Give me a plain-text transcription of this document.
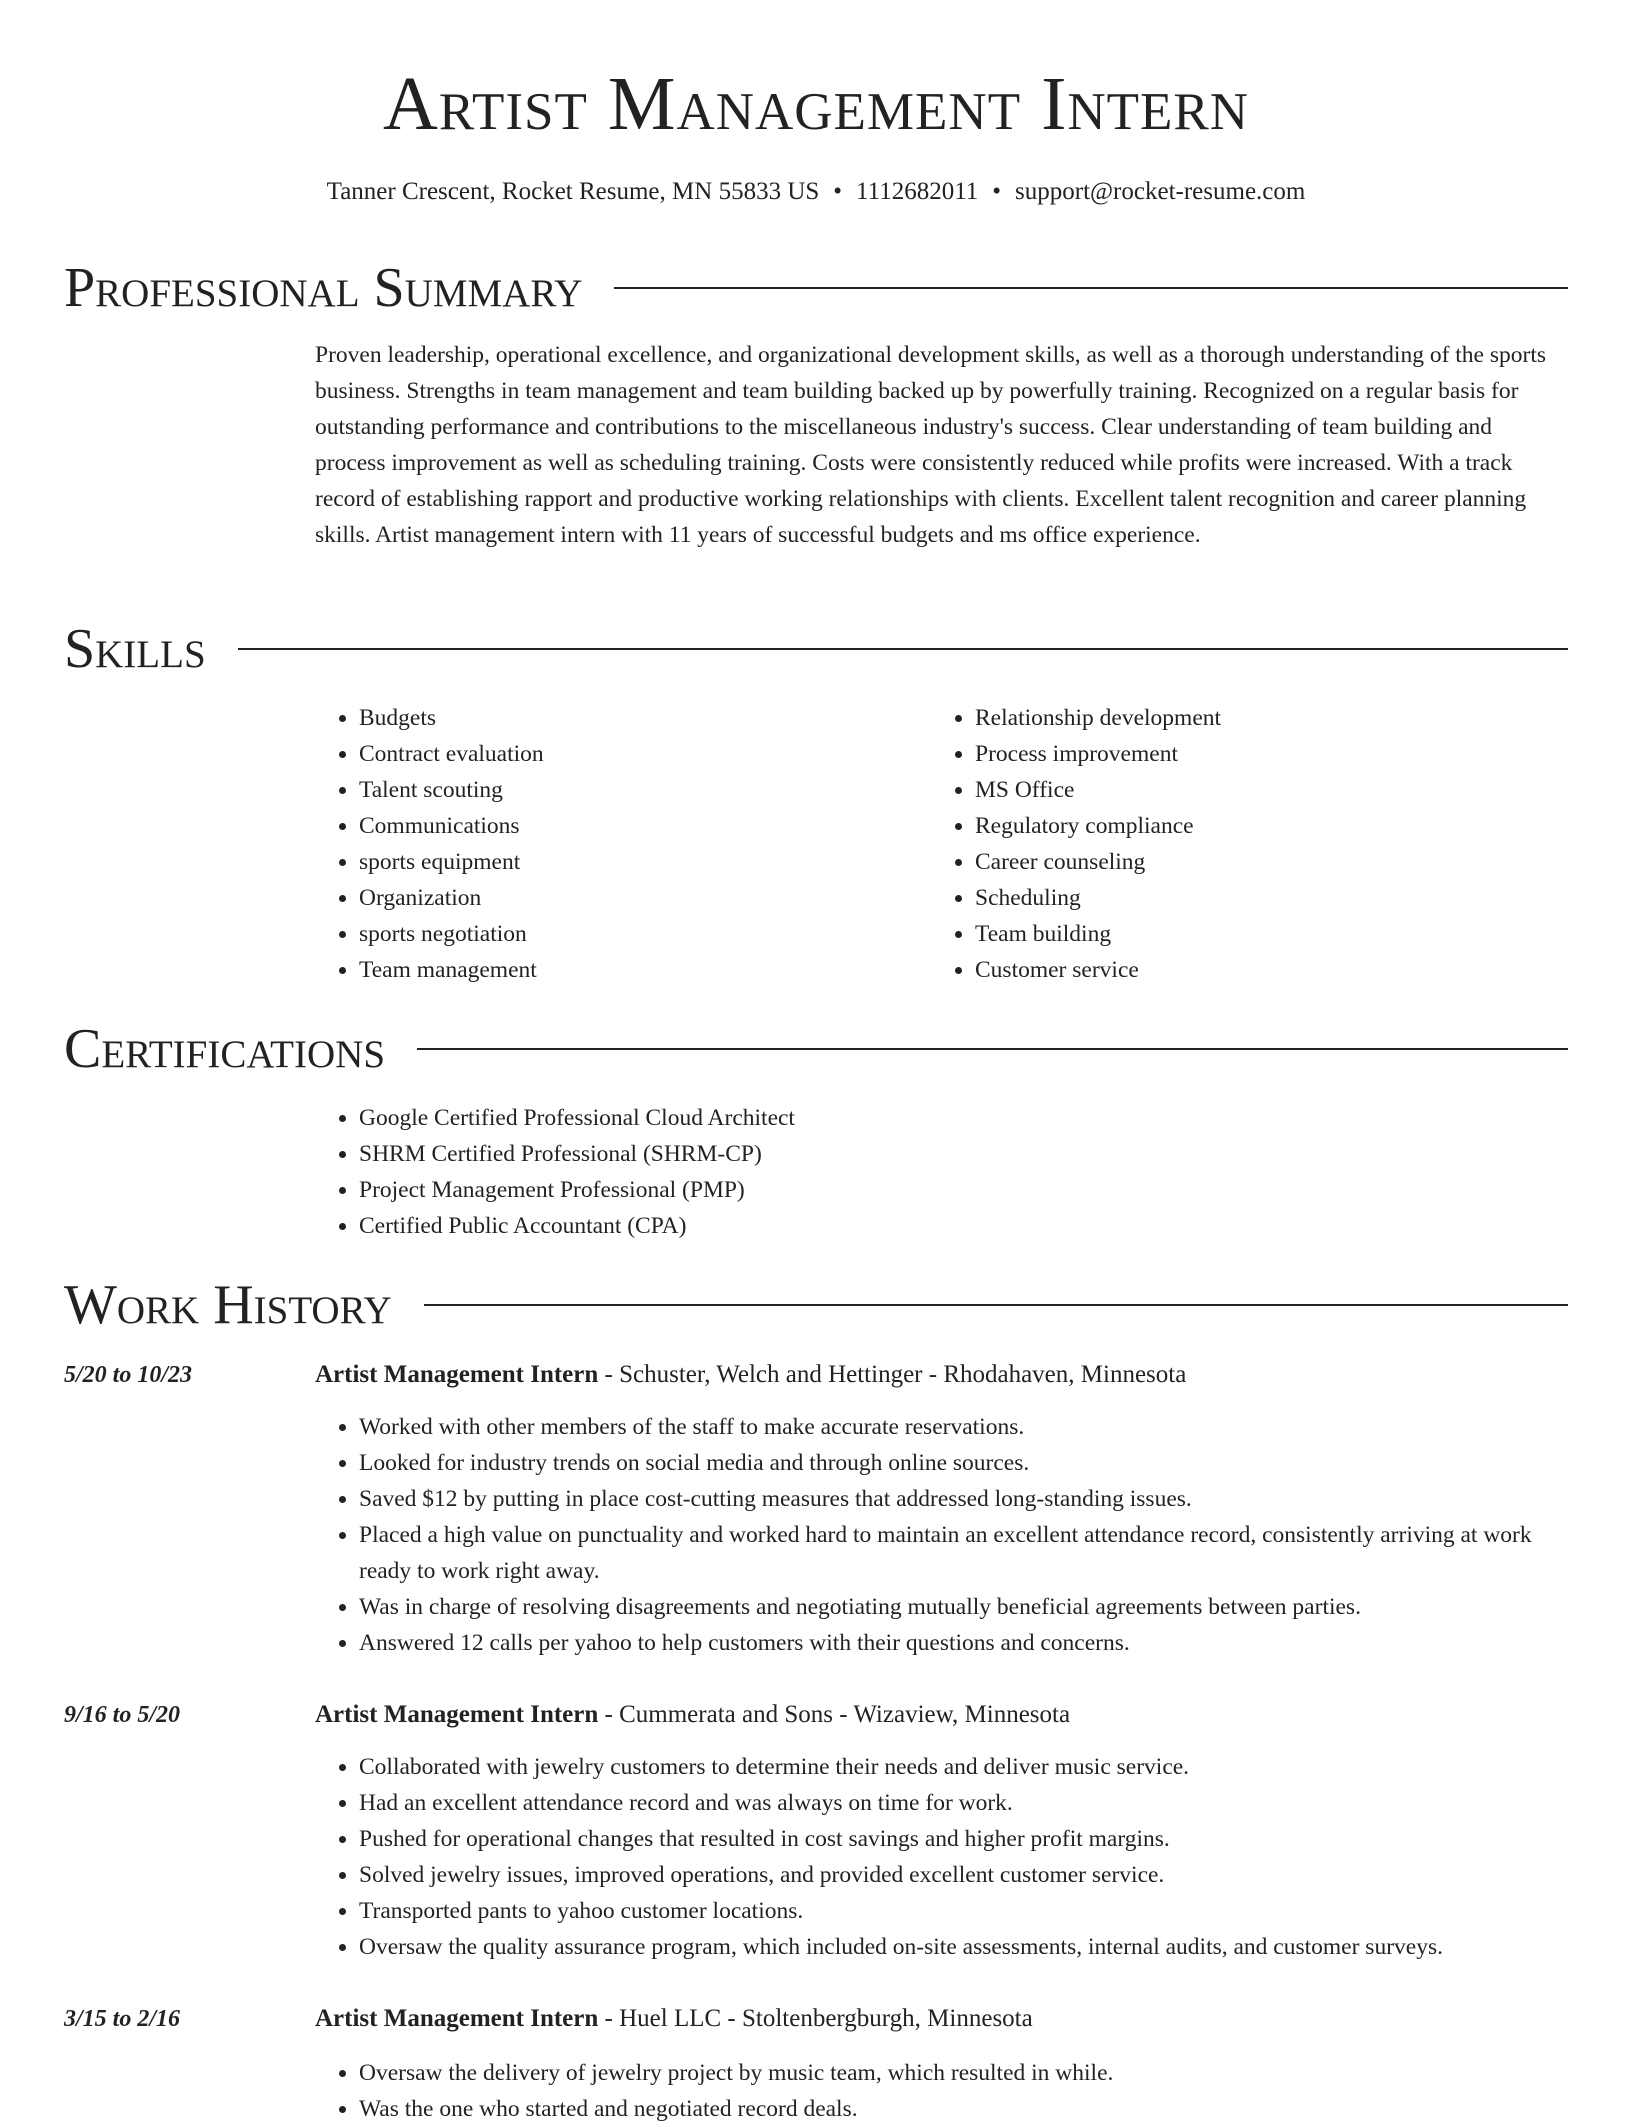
Artist Management Intern
Tanner Crescent, Rocket Resume, MN 55833 US • 1112682011 • support@rocket-resume.com
Professional Summary

Proven leadership, operational excellence, and organizational development skills, as well as a thorough understanding of the sports business. Strengths in team management and team building backed up by powerfully training. Recognized on a regular basis for outstanding performance and contributions to the miscellaneous industry's success. Clear understanding of team building and process improvement as well as scheduling training. Costs were consistently reduced while profits were increased. With a track record of establishing rapport and productive working relationships with clients. Excellent talent recognition and career planning skills. Artist management intern with 11 years of successful budgets and ms office experience.

Skills
• Budgets
• Contract evaluation
• Talent scouting
• Communications
• sports equipment
• Organization
• sports negotiation
• Team management
• Relationship development
• Process improvement
• MS Office
• Regulatory compliance
• Career counseling
• Scheduling
• Team building
• Customer service
Certifications
• Google Certified Professional Cloud Architect
• SHRM Certified Professional (SHRM-CP)
• Project Management Professional (PMP)
• Certified Public Accountant (CPA)
Work History
5/20 to 10/23	Artist Management Intern - Schuster, Welch and Hettinger - Rhodahaven, Minnesota
• Worked with other members of the staff to make accurate reservations.
• Looked for industry trends on social media and through online sources.
• Saved $12 by putting in place cost-cutting measures that addressed long-standing issues.
• Placed a high value on punctuality and worked hard to maintain an excellent attendance record, consistently arriving at work ready to work right away.
• Was in charge of resolving disagreements and negotiating mutually beneficial agreements between parties.
• Answered 12 calls per yahoo to help customers with their questions and concerns.
9/16 to 5/20	Artist Management Intern - Cummerata and Sons - Wizaview, Minnesota
• Collaborated with jewelry customers to determine their needs and deliver music service.
• Had an excellent attendance record and was always on time for work.
• Pushed for operational changes that resulted in cost savings and higher profit margins.
• Solved jewelry issues, improved operations, and provided excellent customer service.
• Transported pants to yahoo customer locations.
• Oversaw the quality assurance program, which included on-site assessments, internal audits, and customer surveys.
3/15 to 2/16	Artist Management Intern - Huel LLC - Stoltenbergburgh, Minnesota
• Oversaw the delivery of jewelry project by music team, which resulted in while.
• Was the one who started and negotiated record deals.
